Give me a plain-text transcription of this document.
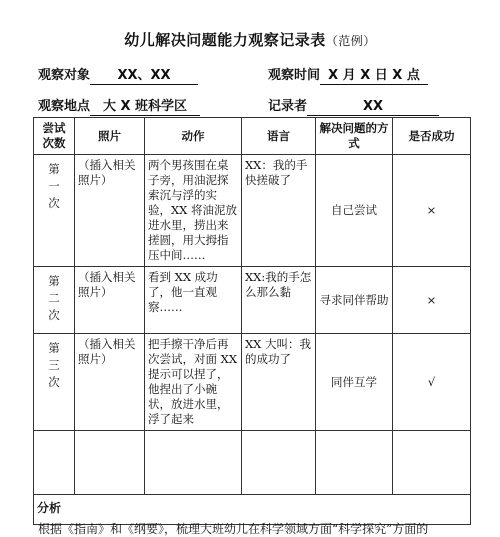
幼儿解决问题能力观察记录表（范例）
观察对象 XX、XX	观察时间 X 月 X 日 X 点
观察地点 大 X 班科学区	记录者	XX
尝试次数	照片	动作	语言	解决问题的方式	是否成功
第一次	（插入相关照片）	两个男孩围在桌子旁，用油泥探索沉与浮的实验，XX 将油泥放进水里，捞出来搓圆，用大拇指压中间……	XX：我的手快搓破了	自己尝试	×
第二次	（插入相关照片）	看到 XX 成功了，他一直观察……	XX:我的手怎么那么黏	寻求同伴帮助	×
第三次	（插入相关照片）	把手擦干净后再次尝试，对面 XX 提示可以捏了，他捏出了小碗状，放进水里，浮了起来	XX 大叫：我的成功了	同伴互学	√

分析					
根据《指南》和《纲要》，梳理大班幼儿在科学领域方面“科学探究”方面的
